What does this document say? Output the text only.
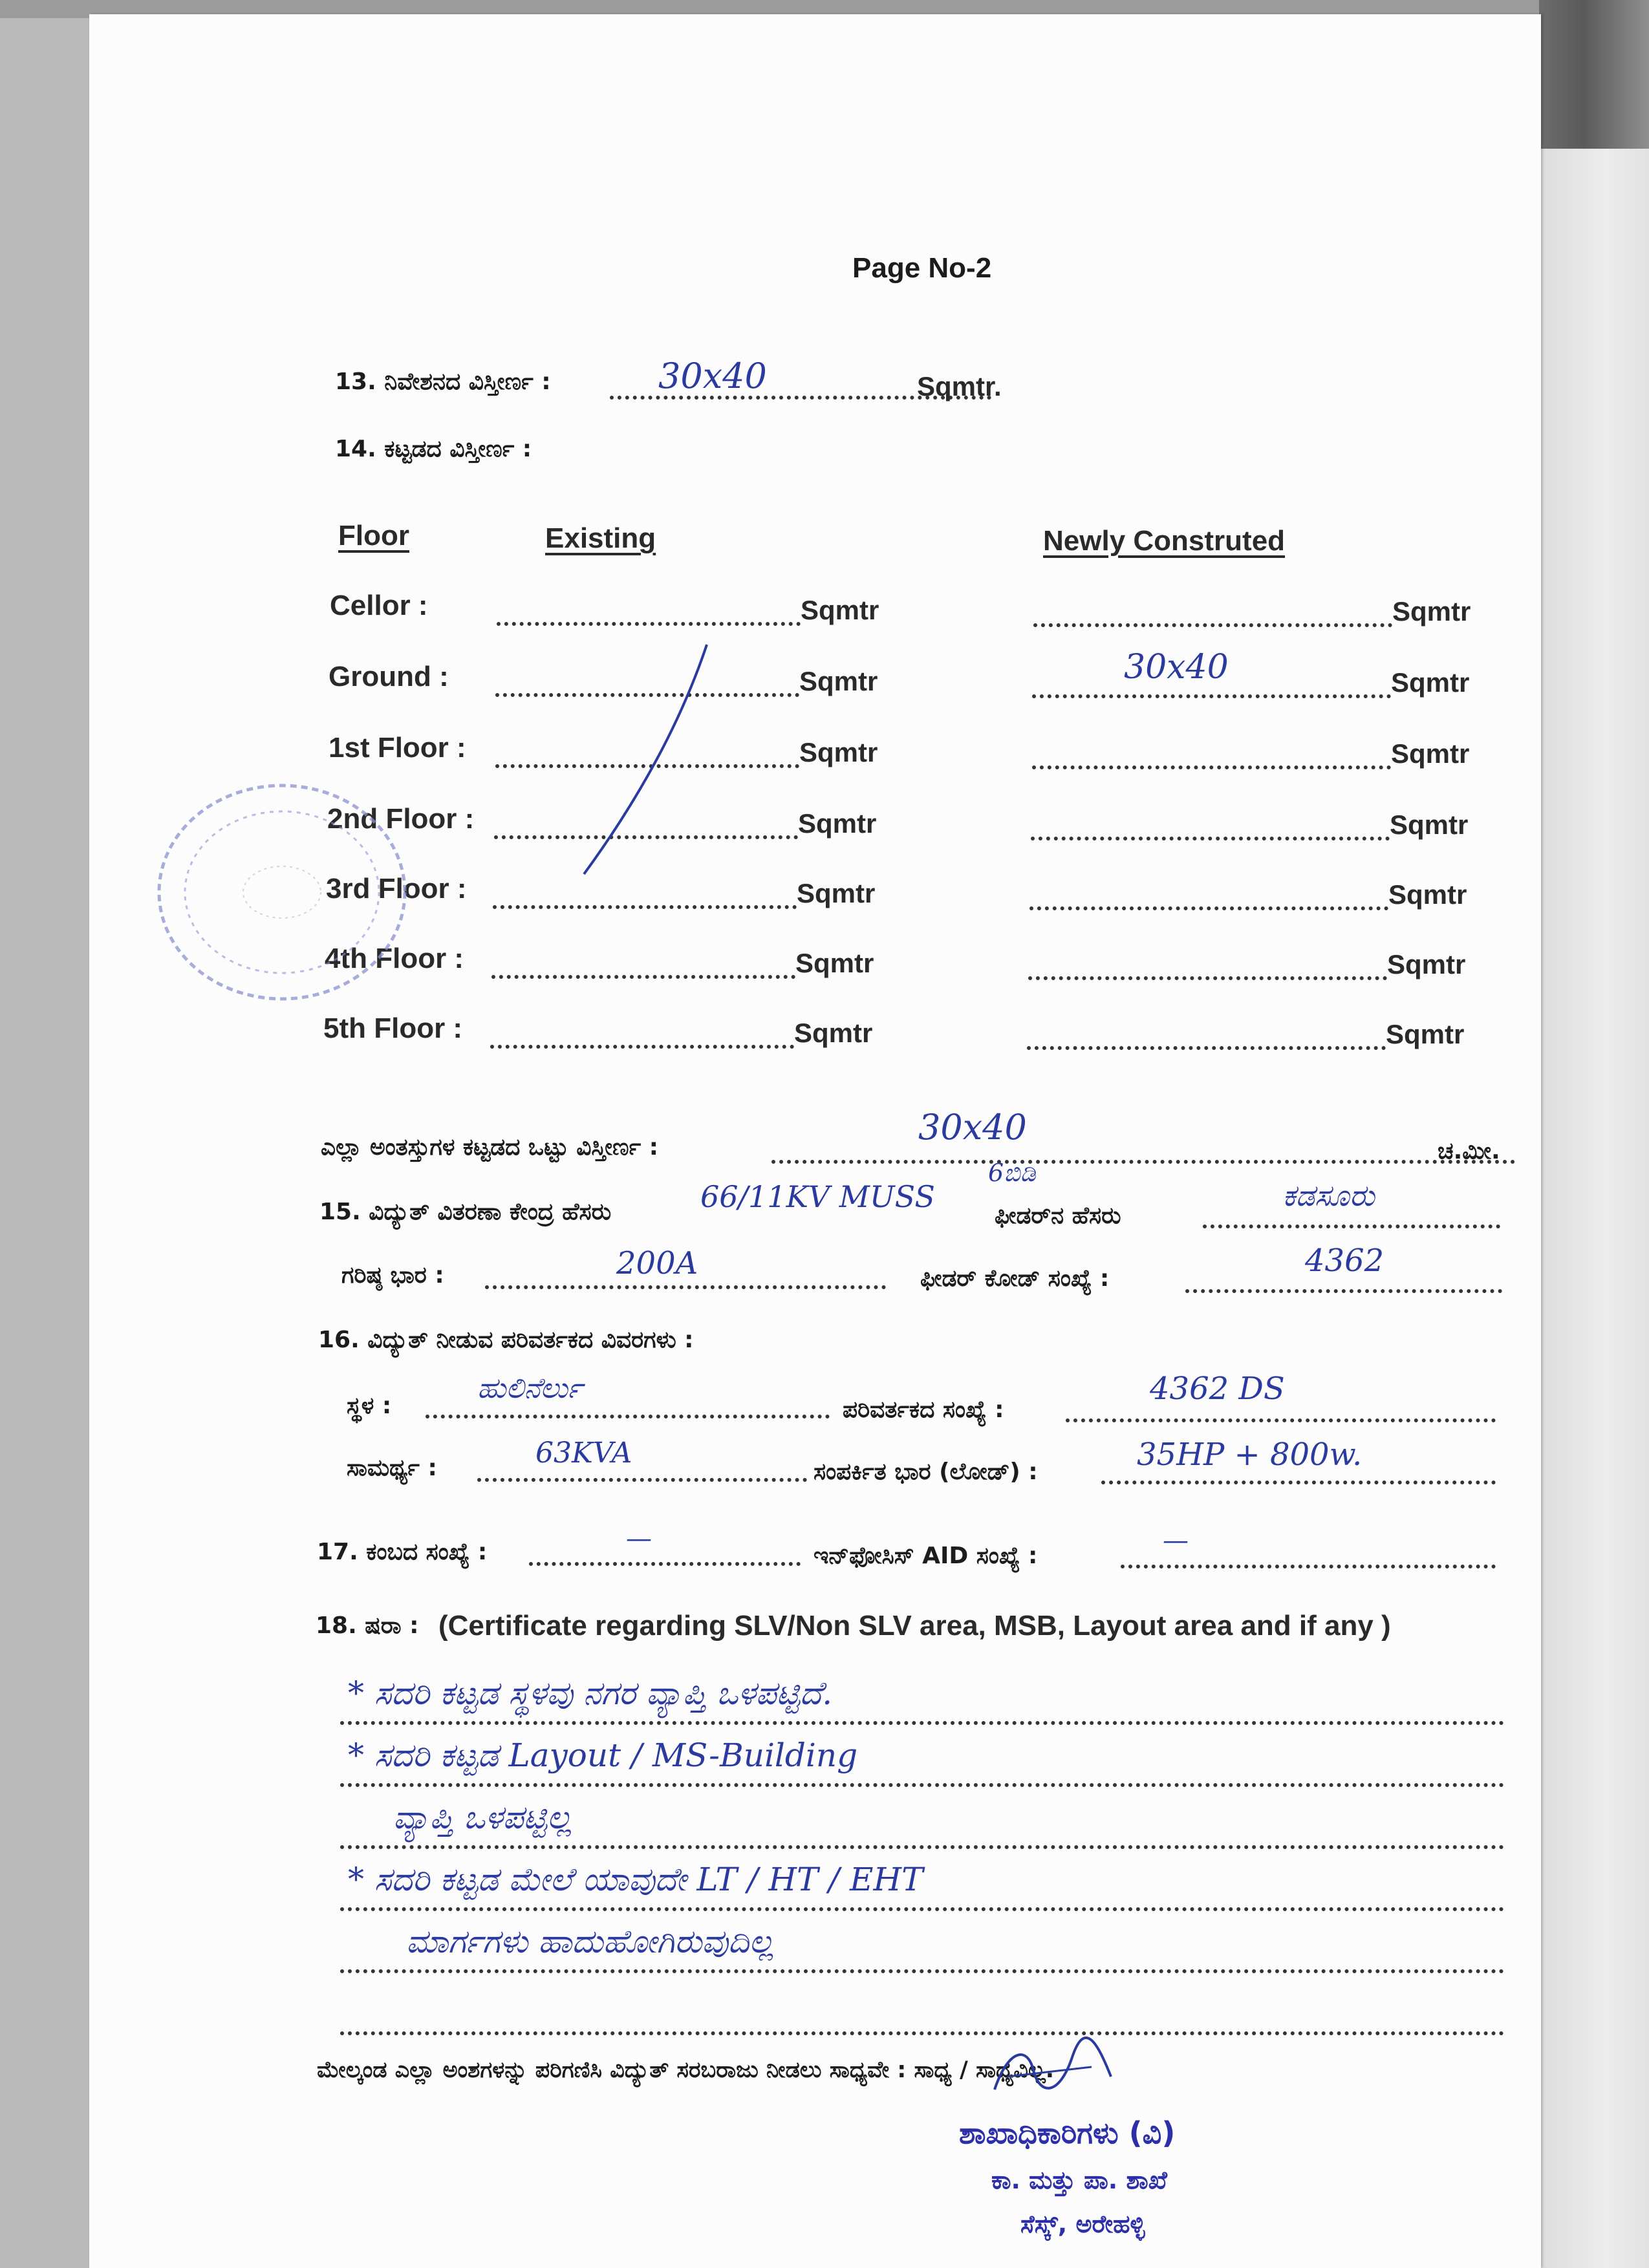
Page No-2
13. ನಿವೇಶನದ ವಿಸ್ತೀರ್ಣ :	30x40	Sqmtr.
14. ಕಟ್ಟಡದ ವಿಸ್ತೀರ್ಣ :
Floor	Existing	Newly Construted
Cellor :	Sqmtr	Sqmtr
Ground :	Sqmtr	30x40	Sqmtr
1st Floor :	Sqmtr	Sqmtr
2nd Floor :	Sqmtr	Sqmtr
3rd Floor :	Sqmtr	Sqmtr
4th Floor :	Sqmtr	Sqmtr
5th Floor :	Sqmtr	Sqmtr
ಎಲ್ಲಾ ಅಂತಸ್ತುಗಳ ಕಟ್ಟಡದ ಒಟ್ಟು ವಿಸ್ತೀರ್ಣ :	30x40
ಚ.ಮೀ.
15. ವಿದ್ಯುತ್ ವಿತರಣಾ ಕೇಂದ್ರ ಹೆಸರು	66/11KV MUSS
6ಬಿಡಿ
ಫೀಡರ್‌ನ ಹೆಸರು
ಕಡಸೂರು
ಗರಿಷ್ಠ ಭಾರ :	200A	ಫೀಡರ್ ಕೋಡ್ ಸಂಖ್ಯೆ :	4362
16. ವಿದ್ಯುತ್ ನೀಡುವ ಪರಿವರ್ತಕದ ವಿವರಗಳು :
ಸ್ಥಳ :
ಹುಲಿನೆರ್ಲು
ಪರಿವರ್ತಕದ ಸಂಖ್ಯೆ :
4362 DS
ಸಾಮರ್ಥ್ಯ :	63KVA
ಸಂಪರ್ಕಿತ ಭಾರ (ಲೋಡ್) :	35HP + 800w.
17. ಕಂಬದ ಸಂಖ್ಯೆ :	—
ಇನ್‌ಫೋಸಿಸ್ AID ಸಂಖ್ಯೆ :
—
18. ಷರಾ : (Certificate regarding SLV/Non SLV area, MSB, Layout area and if any )
* ಸದರಿ ಕಟ್ಟಡ ಸ್ಥಳವು ನಗರ ವ್ಯಾಪ್ತಿ ಒಳಪಟ್ಟಿದೆ.
* ಸದರಿ ಕಟ್ಟಡ Layout / MS-Building
ವ್ಯಾಪ್ತಿ ಒಳಪಟ್ಟಿಲ್ಲ
* ಸದರಿ ಕಟ್ಟಡ ಮೇಲೆ ಯಾವುದೇ LT / HT / EHT
ಮಾರ್ಗಗಳು ಹಾದುಹೋಗಿರುವುದಿಲ್ಲ
ಮೇಲ್ಕಂಡ ಎಲ್ಲಾ ಅಂಶಗಳನ್ನು ಪರಿಗಣಿಸಿ ವಿದ್ಯುತ್ ಸರಬರಾಜು ನೀಡಲು ಸಾಧ್ಯವೇ : ಸಾಧ್ಯ / ಸಾಧ್ಯವಿಲ್ಲ.
ಶಾಖಾಧಿಕಾರಿಗಳು (ವಿ)
ಕಾ. ಮತ್ತು ಪಾ. ಶಾಖೆ
ಸೆಸ್ಕ್, ಅರೇಹಳ್ಳಿ
